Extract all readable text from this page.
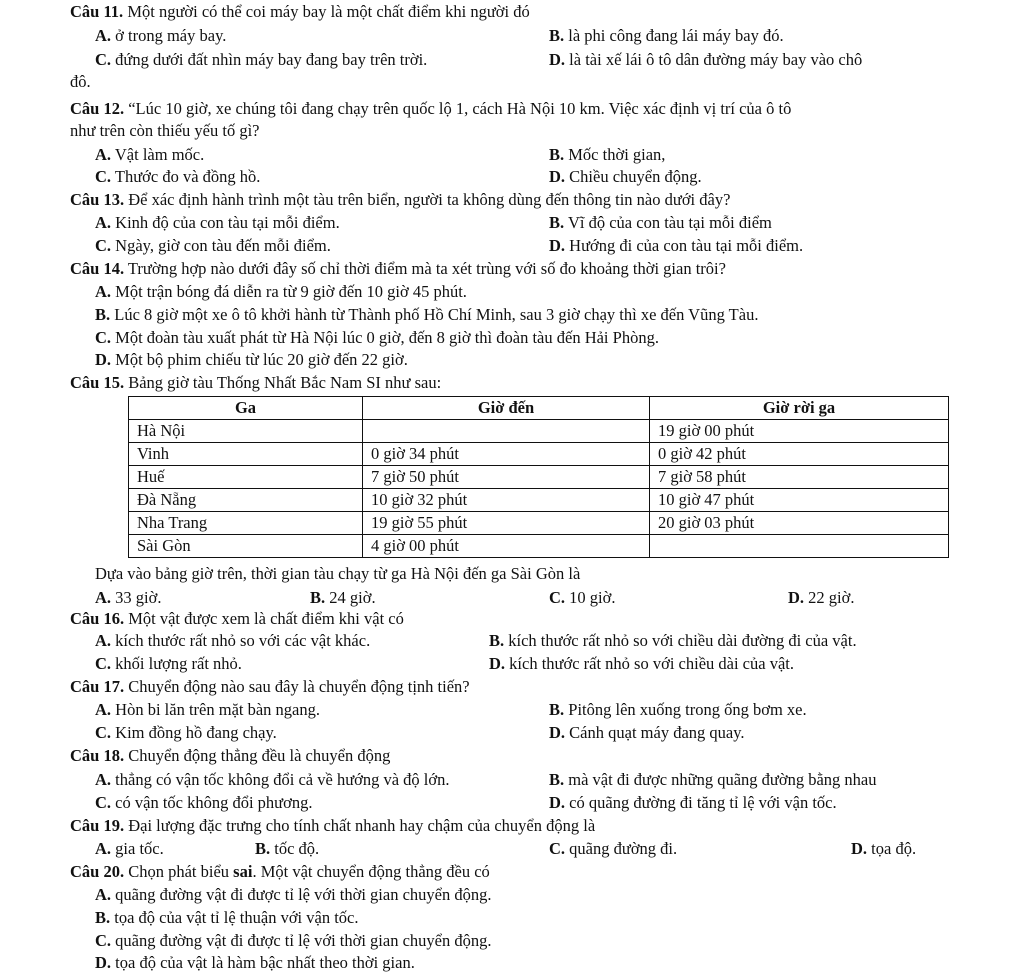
Câu 11. Một người có thể coi máy bay là một chất điểm khi người đó
A. ở trong máy bay.	B. là phi công đang lái máy bay đó.
C. đứng dưới đất nhìn máy bay đang bay trên trời.	D. là tài xế lái ô tô dân đường máy bay vào chô
đô.
Câu 12. “Lúc 10 giờ, xe chúng tôi đang chạy trên quốc lộ 1, cách Hà Nội 10 km. Việc xác định vị trí của ô tô
như trên còn thiếu yếu tố gì?
A. Vật làm mốc.	B. Mốc thời gian,
C. Thước đo và đồng hồ.	D. Chiều chuyển động.
Câu 13. Để xác định hành trình một tàu trên biển, người ta không dùng đến thông tin nào dưới đây?
A. Kinh độ của con tàu tại mỗi điểm.	B. Vĩ độ của con tàu tại mỗi điểm
C. Ngày, giờ con tàu đến mỗi điểm.	D. Hướng đi của con tàu tại mỗi điểm.
Câu 14. Trường hợp nào dưới đây số chỉ thời điểm mà ta xét trùng với số đo khoảng thời gian trôi?
A. Một trận bóng đá diễn ra từ 9 giờ đến 10 giờ 45 phút.
B. Lúc 8 giờ một xe ô tô khởi hành từ Thành phố Hồ Chí Minh, sau 3 giờ chạy thì xe đến Vũng Tàu.
C. Một đoàn tàu xuất phát từ Hà Nội lúc 0 giờ, đến 8 giờ thì đoàn tàu đến Hải Phòng.
D. Một bộ phim chiếu từ lúc 20 giờ đến 22 giờ.
Câu 15. Bảng giờ tàu Thống Nhất Bắc Nam SI như sau:
Ga	Giờ đến	Giờ rời ga
Hà Nội		19 giờ 00 phút
Vinh	0 giờ 34 phút	0 giờ 42 phút
Huế	7 giờ 50 phút	7 giờ 58 phút
Đà Nẵng	10 giờ 32 phút	10 giờ 47 phút
Nha Trang	19 giờ 55 phút	20 giờ 03 phút
Sài Gòn	4 giờ 00 phút	
Dựa vào bảng giờ trên, thời gian tàu chạy từ ga Hà Nội đến ga Sài Gòn là
A. 33 giờ.	B. 24 giờ.	C. 10 giờ.	D. 22 giờ.
Câu 16. Một vật được xem là chất điểm khi vật có
A. kích thước rất nhỏ so với các vật khác.	B. kích thước rất nhỏ so với chiều dài đường đi của vật.
C. khối lượng rất nhỏ.	D. kích thước rất nhỏ so với chiều dài của vật.
Câu 17. Chuyển động nào sau đây là chuyển động tịnh tiến?
A. Hòn bi lăn trên mặt bàn ngang.	B. Pitông lên xuống trong ống bơm xe.
C. Kim đồng hồ đang chạy.	D. Cánh quạt máy đang quay.
Câu 18. Chuyển động thẳng đều là chuyển động
A. thẳng có vận tốc không đổi cả về hướng và độ lớn.	B. mà vật đi được những quãng đường bằng nhau
C. có vận tốc không đổi phương.	D. có quãng đường đi tăng tỉ lệ với vận tốc.
Câu 19. Đại lượng đặc trưng cho tính chất nhanh hay chậm của chuyển động là
A. gia tốc.	B. tốc độ.	C. quãng đường đi.	D. tọa độ.
Câu 20. Chọn phát biểu sai. Một vật chuyển động thẳng đều có
A. quãng đường vật đi được tỉ lệ với thời gian chuyển động.
B. tọa độ của vật tỉ lệ thuận với vận tốc.
C. quãng đường vật đi được tỉ lệ với thời gian chuyển động.
D. tọa độ của vật là hàm bậc nhất theo thời gian.
